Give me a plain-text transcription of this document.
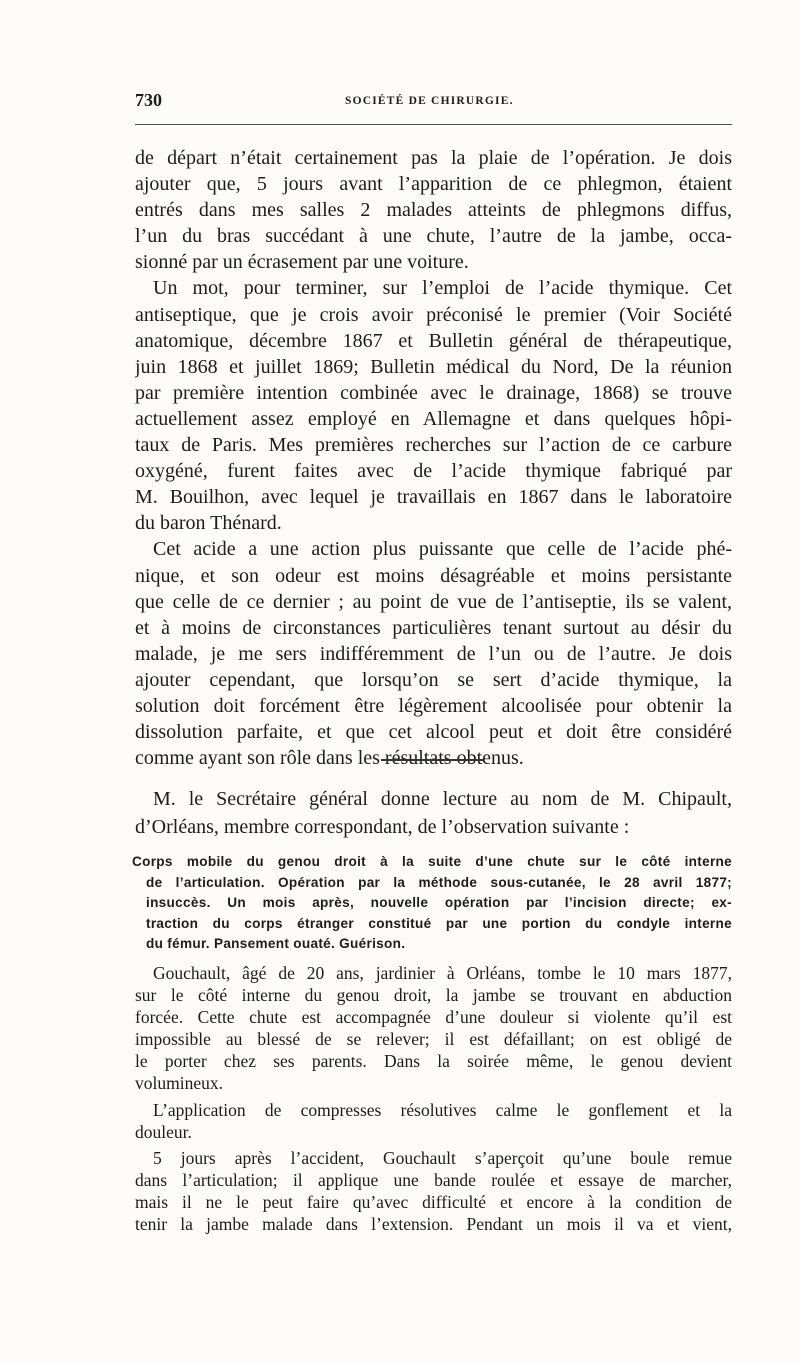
730	SOCIÉTÉ DE CHIRURGIE.
de départ n’était certainement pas la plaie de l’opération. Je dois
ajouter que, 5 jours avant l’apparition de ce phlegmon, étaient
entrés dans mes salles 2 malades atteints de phlegmons diffus,
l’un du bras succédant à une chute, l’autre de la jambe, occa-
sionné par un écrasement par une voiture.
Un mot, pour terminer, sur l’emploi de l’acide thymique. Cet
antiseptique, que je crois avoir préconisé le premier (Voir Société
anatomique, décembre 1867 et Bulletin général de thérapeutique,
juin 1868 et juillet 1869; Bulletin médical du Nord, De la réunion
par première intention combinée avec le drainage, 1868) se trouve
actuellement assez employé en Allemagne et dans quelques hôpi-
taux de Paris. Mes premières recherches sur l’action de ce carbure
oxygéné, furent faites avec de l’acide thymique fabriqué par
M. Bouilhon, avec lequel je travaillais en 1867 dans le laboratoire
du baron Thénard.
Cet acide a une action plus puissante que celle de l’acide phé-
nique, et son odeur est moins désagréable et moins persistante
que celle de ce dernier ; au point de vue de l’antiseptie, ils se valent,
et à moins de circonstances particulières tenant surtout au désir du
malade, je me sers indifféremment de l’un ou de l’autre. Je dois
ajouter cependant, que lorsqu’on se sert d’acide thymique, la
solution doit forcément être légèrement alcoolisée pour obtenir la
dissolution parfaite, et que cet alcool peut et doit être considéré
comme ayant son rôle dans les résultats obtenus.
M. le Secrétaire général donne lecture au nom de M. Chipault,
d’Orléans, membre correspondant, de l’observation suivante :
Corps mobile du genou droit à la suite d’une chute sur le côté interne
de l’articulation. Opération par la méthode sous-cutanée, le 28 avril 1877;
insuccès. Un mois après, nouvelle opération par l’incision directe; ex-
traction du corps étranger constitué par une portion du condyle interne
du fémur. Pansement ouaté. Guérison.
Gouchault, âgé de 20 ans, jardinier à Orléans, tombe le 10 mars 1877,
sur le côté interne du genou droit, la jambe se trouvant en abduction
forcée. Cette chute est accompagnée d’une douleur si violente qu’il est
impossible au blessé de se relever; il est défaillant; on est obligé de
le porter chez ses parents. Dans la soirée même, le genou devient
volumineux.
L’application de compresses résolutives calme le gonflement et la
douleur.
5 jours après l’accident, Gouchault s’aperçoit qu’une boule remue
dans l’articulation; il applique une bande roulée et essaye de marcher,
mais il ne le peut faire qu’avec difficulté et encore à la condition de
tenir la jambe malade dans l’extension. Pendant un mois il va et vient,
